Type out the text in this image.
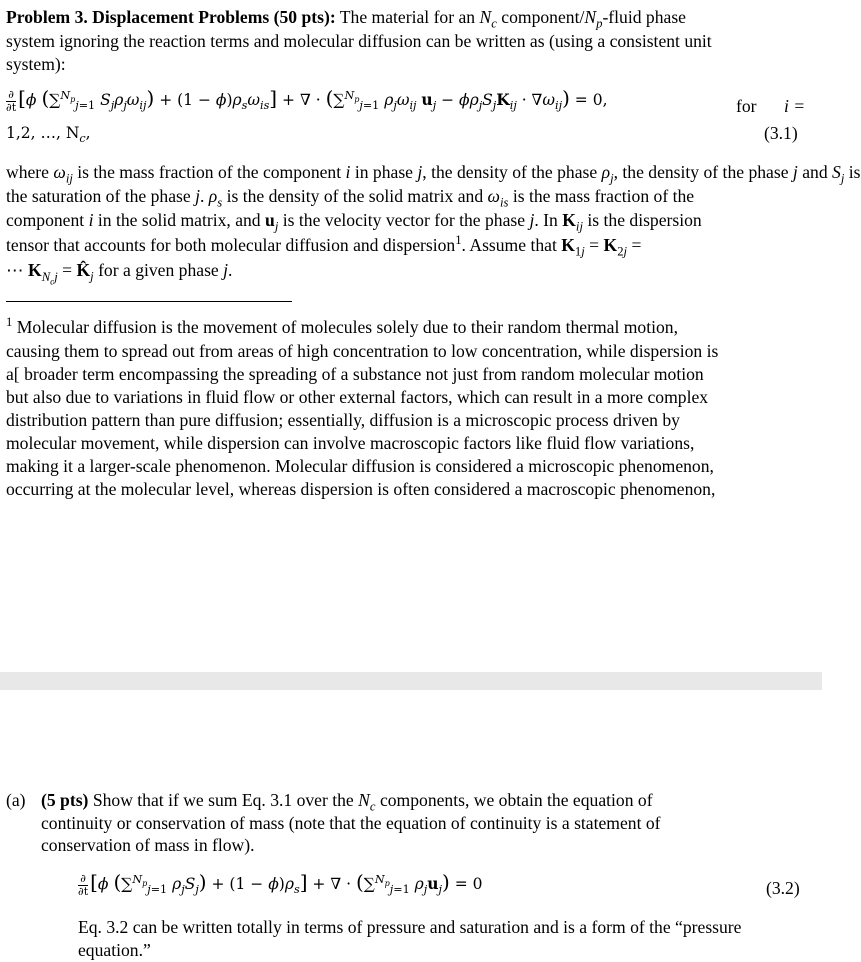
Problem 3. Displacement Problems (50 pts): The material for an $N_c$ component/$N_p$-fluid phase
system ignoring the reaction terms and molecular diffusion can be written as (using a consistent unit
system):
$\frac{\partial}{\partial t} [\phi$ (∑$^{N_p}_{j=1}$ $S_j\rho_j\omega_{ij}) + (1 - \phi)\rho_s\omega_{is}$] + ∇ · (∑$^{N_p}_{j=1}$ $\rho_j\omega_{ij}$ $u_j - \phi\rho_jS_jK_{ij} \cdot \nabla\omega_{ij}) = 0$,	for i =
1,2, …, $N_c$,	(3.1)
where $\omega_{ij}$ is the mass fraction of the component i in phase j, the density of the phase $\rho_j$, the density of the phase j and $S_j$ is
the saturation of the phase j. $\rho_s$ is the density of the solid matrix and $\omega_{is}$ is the mass fraction of the
component i in the solid matrix, and $u_j$ is the velocity vector for the phase j. In $K_{ij}$ is the dispersion
tensor that accounts for both molecular diffusion and dispersion$^1$. Assume that $K_{1j} = K_{2j}$ =
⋯ $K_{N_cj}$ = $K̂_j$ for a given phase j.
$^1$ Molecular diffusion is the movement of molecules solely due to their random thermal motion,
causing them to spread out from areas of high concentration to low concentration, while dispersion is
a[ broader term encompassing the spreading of a substance not just from random molecular motion
but also due to variations in fluid flow or other external factors, which can result in a more complex
distribution pattern than pure diffusion; essentially, diffusion is a microscopic process driven by
molecular movement, while dispersion can involve macroscopic factors like fluid flow variations,
making it a larger-scale phenomenon. Molecular diffusion is considered a microscopic phenomenon,
occurring at the molecular level, whereas dispersion is often considered a macroscopic phenomenon,
(a) (5 pts) Show that if we sum Eq. 3.1 over the $N_c$ components, we obtain the equation of
continuity or conservation of mass (note that the equation of continuity is a statement of
conservation of mass in flow).
$\frac{\partial}{\partial t} [\phi$ (∑$^{N_p}_{j=1}$ $\rho_jS_j) + (1 - \phi)\rho_s$] + ∇ · (∑$^{N_p}_{j=1}$ $\rho_ju_j) = 0$	(3.2)
Eq. 3.2 can be written totally in terms of pressure and saturation and is a form of the “pressure
equation.”
